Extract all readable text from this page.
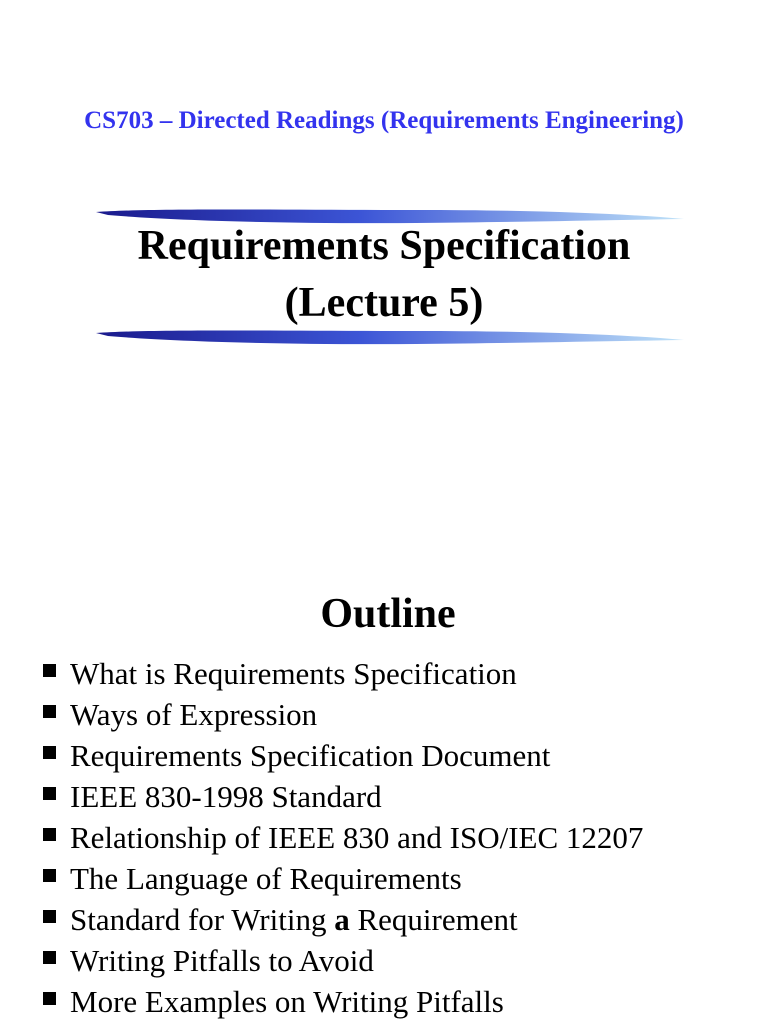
CS703 – Directed Readings (Requirements Engineering)
Requirements Specification
(Lecture 5)
Outline
What is Requirements Specification
Ways of Expression
Requirements Specification Document
IEEE 830-1998 Standard
Relationship of IEEE 830 and ISO/IEC 12207
The Language of Requirements
Standard for Writing a Requirement
Writing Pitfalls to Avoid
More Examples on Writing Pitfalls
